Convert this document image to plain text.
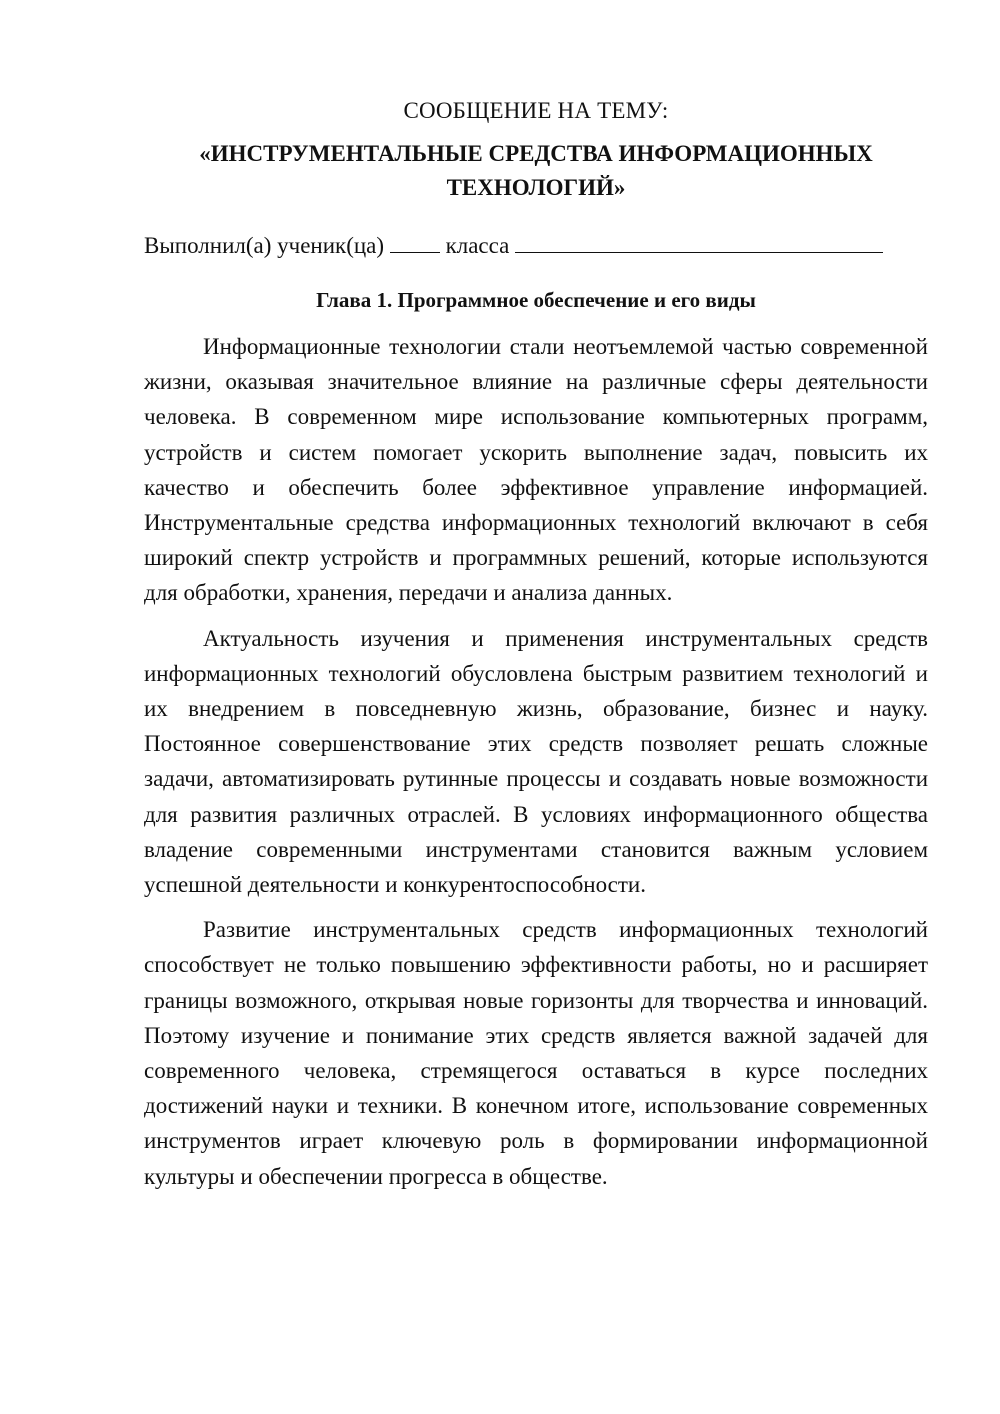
СООБЩЕНИЕ НА ТЕМУ:

«ИНСТРУМЕНТАЛЬНЫЕ СРЕДСТВА ИНФОРМАЦИОННЫХ ТЕХНОЛОГИЙ»

Выполнил(а) ученик(ца)	класса

Глава 1. Программное обеспечение и его виды

Информационные технологии стали неотъемлемой частью современной жизни, оказывая значительное влияние на различные сферы деятельности человека. В современном мире использование компьютерных программ, устройств и систем помогает ускорить выполнение задач, повысить их качество и обеспечить более эффективное управление информацией. Инструментальные средства информационных технологий включают в себя широкий спектр устройств и программных решений, которые используются для обработки, хранения, передачи и анализа данных.

Актуальность изучения и применения инструментальных средств информационных технологий обусловлена быстрым развитием технологий и их внедрением в повседневную жизнь, образование, бизнес и науку. Постоянное совершенствование этих средств позволяет решать сложные задачи, автоматизировать рутинные процессы и создавать новые возможности для развития различных отраслей. В условиях информационного общества владение современными инструментами становится важным условием успешной деятельности и конкурентоспособности.

Развитие инструментальных средств информационных технологий способствует не только повышению эффективности работы, но и расширяет границы возможного, открывая новые горизонты для творчества и инноваций. Поэтому изучение и понимание этих средств является важной задачей для современного человека, стремящегося оставаться в курсе последних достижений науки и техники. В конечном итоге, использование современных инструментов играет ключевую роль в формировании информационной культуры и обеспечении прогресса в обществе.
